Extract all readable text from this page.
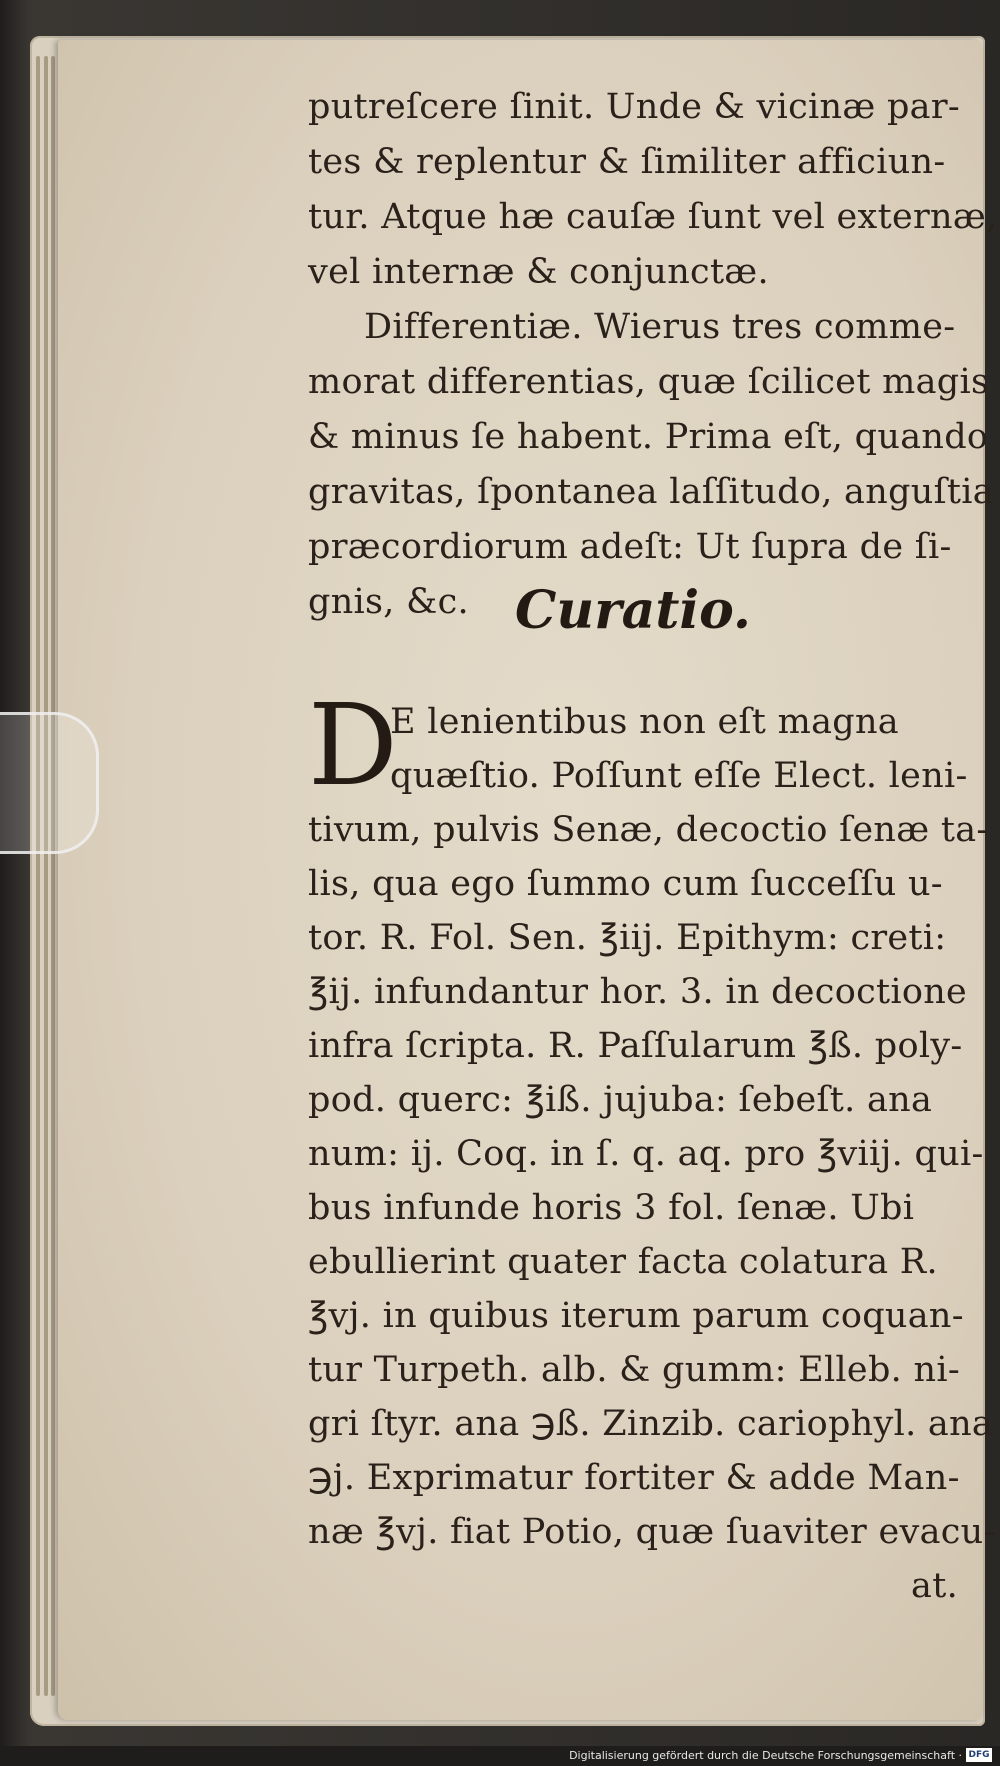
putreſcere ſinit. Unde & vicinæ par-
tes & replentur & ſimiliter afficiun-
tur. Atque hæ cauſæ ſunt vel externæ,
vel internæ & conjunctæ.
Differentiæ. Wierus tres comme-
morat differentias, quæ ſcilicet magis
& minus ſe habent. Prima eſt, quando
gravitas, ſpontanea laſſitudo, anguſtia
præcordiorum adeſt: Ut ſupra de ſi-
gnis, &c. Curatio.
D
E lenientibus non eſt magna
quæſtio. Poſſunt eſſe Elect. leni-
tivum, pulvis Senæ, decoctio ſenæ ta-
lis, qua ego ſummo cum ſucceſſu u-
tor. R. Fol. Sen. ℥iij. Epithym: creti:
℥ij. infundantur hor. 3. in decoctione
infra ſcripta. R. Paſſularum ℥ß. poly-
pod. querc: ℥iß. jujuba: ſebeſt. ana
num: ij. Coq. in ſ. q. aq. pro ℥viij. qui-
bus infunde horis 3 fol. ſenæ. Ubi
ebullierint quater facta colatura R.
℥vj. in quibus iterum parum coquan-
tur Turpeth. alb. & gumm: Elleb. ni-
gri ſtyr. ana ℈ß. Zinzib. cariophyl. ana
℈j. Exprimatur fortiter & adde Man-
næ ℥vj. fiat Potio, quæ ſuaviter evacu-
at.
Digitalisierung gefördert durch die Deutsche Forschungsgemeinschaft · DFG
